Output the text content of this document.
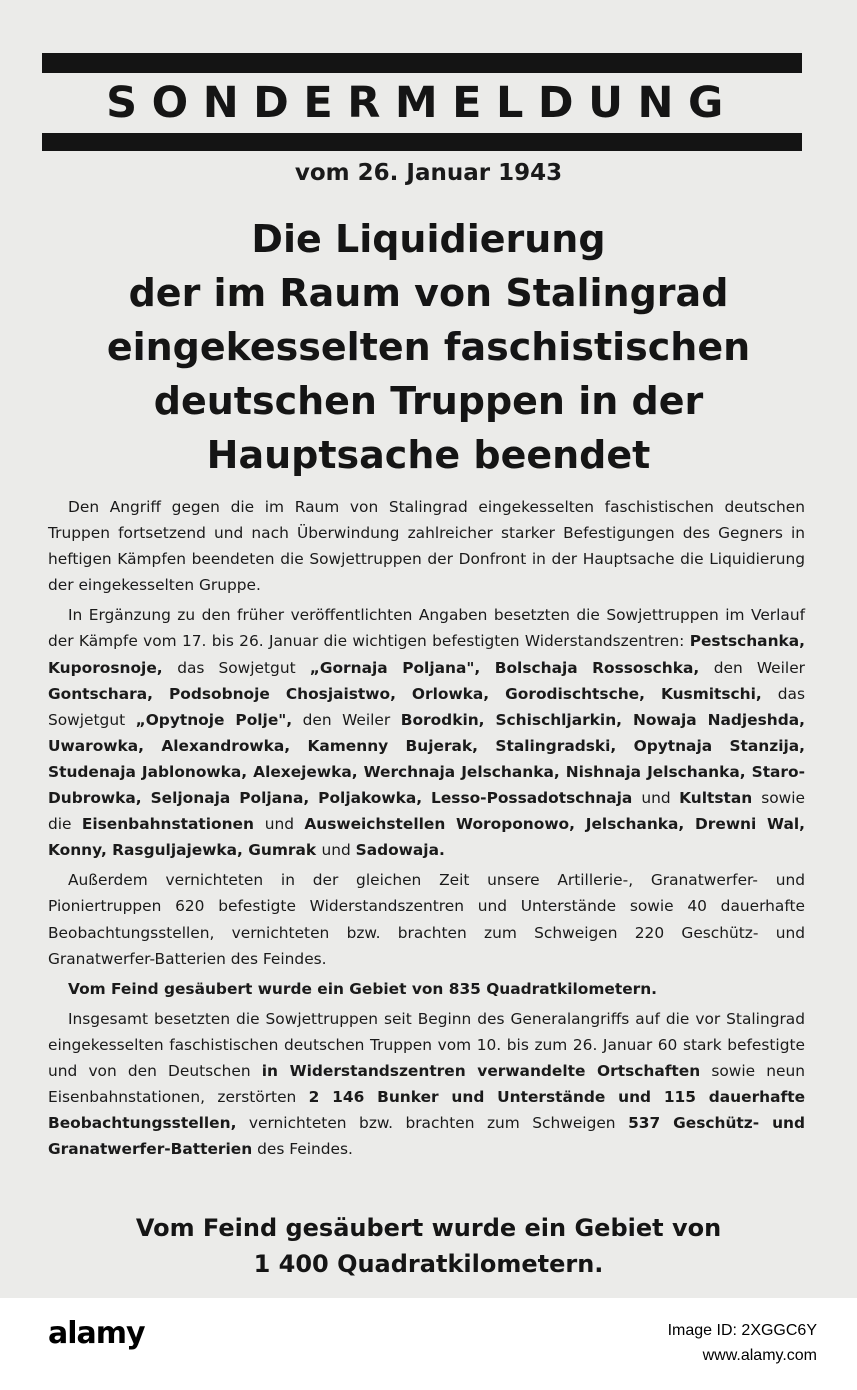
SONDERMELDUNG
vom 26. Januar 1943
Die Liquidierung
der im Raum von Stalingrad
eingekesselten faschistischen
deutschen Truppen in der
Hauptsache beendet

Den Angriff gegen die im Raum von Stalingrad eingekesselten faschistischen deutschen Truppen fortsetzend und nach Überwindung zahlreicher starker Befestigungen des Gegners in heftigen Kämpfen beendeten die Sowjettruppen der Donfront in der Hauptsache die Liquidierung der eingekesselten Gruppe.

In Ergänzung zu den früher veröffentlichten Angaben besetzten die Sowjettruppen im Verlauf der Kämpfe vom 17. bis 26. Januar die wichtigen befestigten Widerstandszentren: Pestschanka, Kuporosnoje, das Sowjetgut „Gornaja Poljana", Bolschaja Rossoschka, den Weiler Gontschara, Podsobnoje Chosjaistwo, Orlowka, Gorodischtsche, Kusmitschi, das Sowjetgut „Opytnoje Polje", den Weiler Borodkin, Schischljarkin, Nowaja Nadjeshda, Uwarowka, Alexandrowka, Kamenny Bujerak, Stalingradski, Opytnaja Stanzija, Studenaja Jablonowka, Alexejewka, Werchnaja Jelschanka, Nishnaja Jelschanka, Staro-Dubrowka, Seljonaja Poljana, Poljakowka, Lesso-Possadotschnaja und Kultstan sowie die Eisenbahnstationen und Ausweichstellen Woroponowo, Jelschanka, Drewni Wal, Konny, Rasguljajewka, Gumrak und Sadowaja.

Außerdem vernichteten in der gleichen Zeit unsere Artillerie-, Granatwerfer- und Pioniertruppen 620 befestigte Widerstandszentren und Unterstände sowie 40 dauerhafte Beobachtungsstellen, vernichteten bzw. brachten zum Schweigen 220 Geschütz- und Granatwerfer-Batterien des Feindes.

Vom Feind gesäubert wurde ein Gebiet von 835 Quadratkilometern.

Insgesamt besetzten die Sowjettruppen seit Beginn des Generalangriffs auf die vor Stalingrad eingekesselten faschistischen deutschen Truppen vom 10. bis zum 26. Januar 60 stark befestigte und von den Deutschen in Widerstandszentren verwandelte Ortschaften sowie neun Eisenbahnstationen, zerstörten 2 146 Bunker und Unterstände und 115 dauerhafte Beobachtungsstellen, vernichteten bzw. brachten zum Schweigen 537 Geschütz- und Granatwerfer-Batterien des Feindes.

Vom Feind gesäubert wurde ein Gebiet von
1 400 Quadratkilometern.
alamy	Image ID: 2XGGC6Y
www.alamy.com
